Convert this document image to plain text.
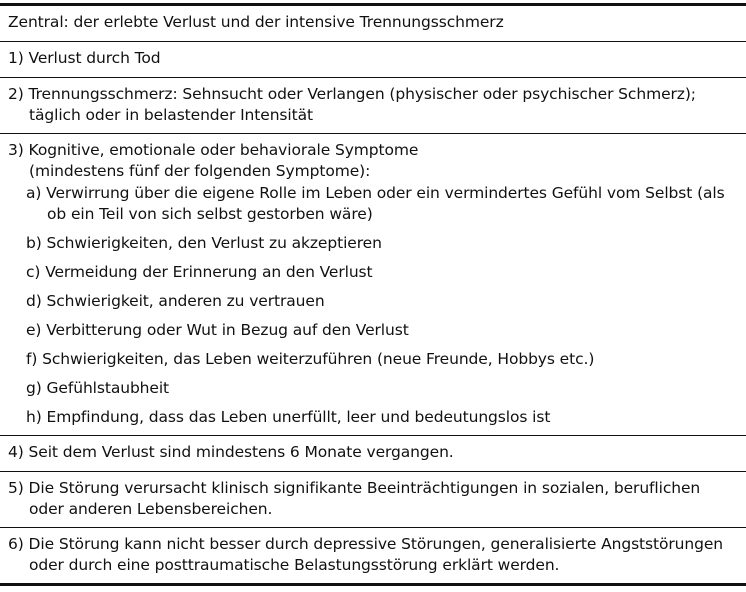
Zentral: der erlebte Verlust und der intensive Trennungsschmerz
1) Verlust durch Tod
2) Trennungsschmerz: Sehnsucht oder Verlangen (physischer oder psychischer Schmerz); täglich oder in belastender Intensität
3) Kognitive, emotionale oder behaviorale Symptome
(mindestens fünf der folgenden Symptome):
a) Verwirrung über die eigene Rolle im Leben oder ein vermindertes Gefühl vom Selbst (als ob ein Teil von sich selbst gestorben wäre)
b) Schwierigkeiten, den Verlust zu akzeptieren
c) Vermeidung der Erinnerung an den Verlust
d) Schwierigkeit, anderen zu vertrauen
e) Verbitterung oder Wut in Bezug auf den Verlust
f) Schwierigkeiten, das Leben weiterzuführen (neue Freunde, Hobbys etc.)
g) Gefühlstaubheit
h) Empfindung, dass das Leben unerfüllt, leer und bedeutungslos ist
4) Seit dem Verlust sind mindestens 6 Monate vergangen.
5) Die Störung verursacht klinisch signifikante Beeinträchtigungen in sozialen, beruflichen oder anderen Lebensbereichen.
6) Die Störung kann nicht besser durch depressive Störungen, generalisierte Angststörungen oder durch eine posttraumatische Belastungsstörung erklärt werden.
